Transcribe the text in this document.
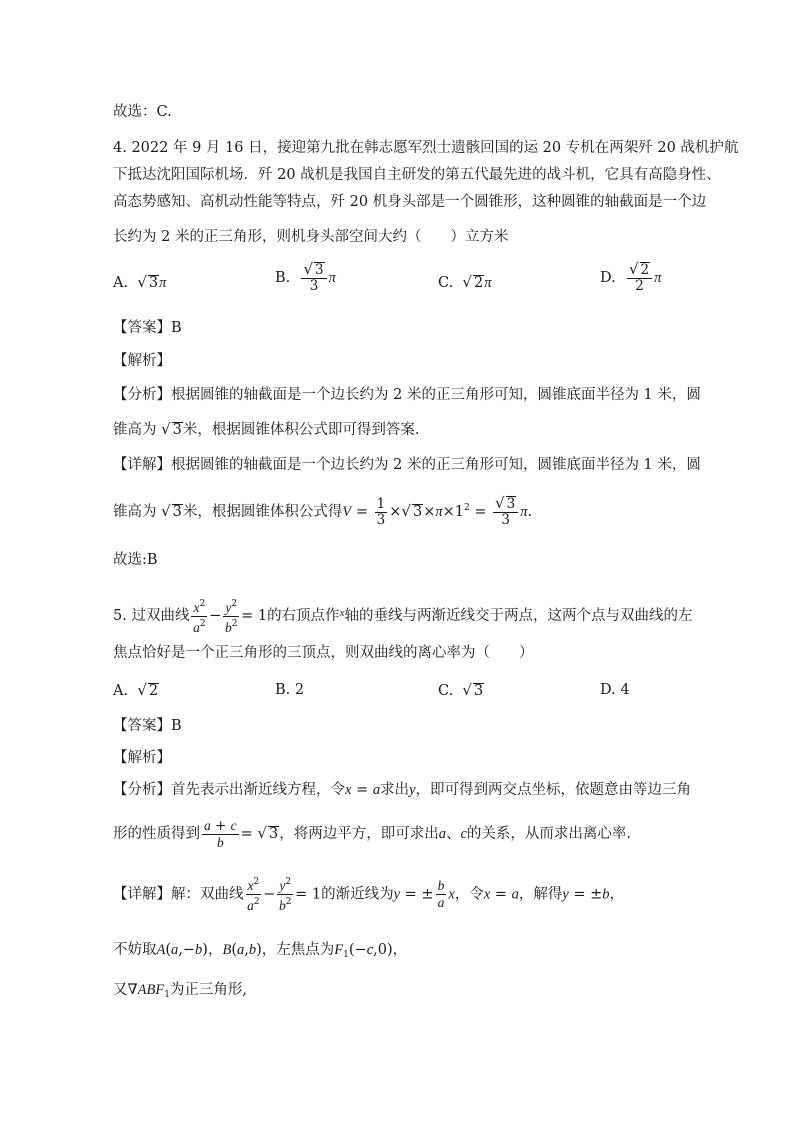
故选：C.
4. 2022 年 9 月 16 日，接迎第九批在韩志愿军烈士遗骸回国的运 20 专机在两架歼 20 战机护航
下抵达沈阳国际机场．歼 20 战机是我国自主研发的第五代最先进的战斗机，它具有高隐身性、
高态势感知、高机动性能等特点，歼 20 机身头部是一个圆锥形，这种圆锥的轴截面是一个边
长约为 2 米的正三角形，则机身头部空间大约（　　）立方米
A. √ 3π	B. $\frac{√ 3}{3}$ π	C. √ 2π	D. $\frac{√ 2}{2}$ π
【答案】B
【解析】
【分析】根据圆锥的轴截面是一个边长约为 2 米的正三角形可知，圆锥底面半径为 1 米，圆
锥高为 √ 3米，根据圆锥体积公式即可得到答案.
【详解】根据圆锥的轴截面是一个边长约为 2 米的正三角形可知，圆锥底面半径为 1 米，圆
锥高为 √ 3米，根据圆锥体积公式得$V = \frac{1}{3}$ ×√ $3\times\pi\times 1^2 = \frac{√ 3}{3} \pi$.
故选:B
5. 过双曲线 $\frac{x^2}{a^2} - \frac{y^2}{b^2} = 1$的右顶点作$^x$轴的垂线与两渐近线交于两点，这两个点与双曲线的左
焦点恰好是一个正三角形的三顶点，则双曲线的离心率为（　　）
A. √ 2	B. 2	C. √ 3	D. 4
【答案】B
【解析】
【分析】首先表示出渐近线方程，令x = a求出y，即可得到两交点坐标，依题意由等边三角
形的性质得到 $\frac{a + c}{b}$ = √ 3，将两边平方，即可求出a、c的关系，从而求出离心率.
【详解】解：双曲线 $\frac{x^2}{a^2} - \frac{y^2}{b^2} = 1$的渐近线为y = ± $\frac{b}{a}$ x，令x = a，解得y = ±b，
不妨取A(a,−b)，B(a,b)，左焦点为$F_1(-c,0)$，
又$\nabla ABF_1$为正三角形,
